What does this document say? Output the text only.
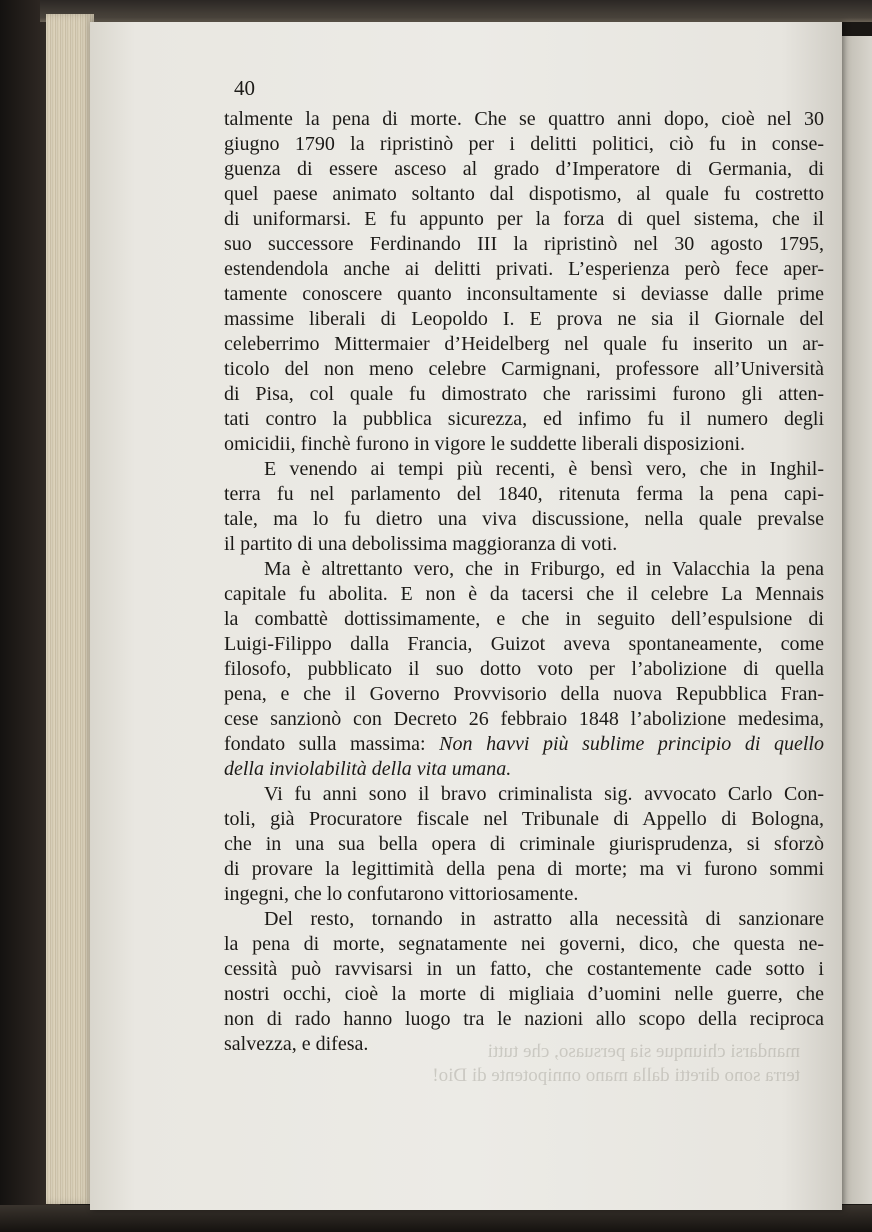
mandarsi chiunque sia persuaso, che tutti
terra sono diretti dalla mano onnipotente di Dio!
40
talmente la pena di morte. Che se quattro anni dopo, cioè nel 30
giugno 1790 la ripristinò per i delitti politici, ciò fu in conse-
guenza di essere asceso al grado d’Imperatore di Germania, di
quel paese animato soltanto dal dispotismo, al quale fu costretto
di uniformarsi. E fu appunto per la forza di quel sistema, che il
suo successore Ferdinando III la ripristinò nel 30 agosto 1795,
estendendola anche ai delitti privati. L’esperienza però fece aper-
tamente conoscere quanto inconsultamente si deviasse dalle prime
massime liberali di Leopoldo I. E prova ne sia il Giornale del
celeberrimo Mittermaier d’Heidelberg nel quale fu inserito un ar-
ticolo del non meno celebre Carmignani, professore all’Università
di Pisa, col quale fu dimostrato che rarissimi furono gli atten-
tati contro la pubblica sicurezza, ed infimo fu il numero degli
omicidii, finchè furono in vigore le suddette liberali disposizioni.
E venendo ai tempi più recenti, è bensì vero, che in Inghil-
terra fu nel parlamento del 1840, ritenuta ferma la pena capi-
tale, ma lo fu dietro una viva discussione, nella quale prevalse
il partito di una debolissima maggioranza di voti.
Ma è altrettanto vero, che in Friburgo, ed in Valacchia la pena
capitale fu abolita. E non è da tacersi che il celebre La Mennais
la combattè dottissimamente, e che in seguito dell’espulsione di
Luigi-Filippo dalla Francia, Guizot aveva spontaneamente, come
filosofo, pubblicato il suo dotto voto per l’abolizione di quella
pena, e che il Governo Provvisorio della nuova Repubblica Fran-
cese sanzionò con Decreto 26 febbraio 1848 l’abolizione medesima,
fondato sulla massima: Non havvi più sublime principio di quello
della inviolabilità della vita umana.
Vi fu anni sono il bravo criminalista sig. avvocato Carlo Con-
toli, già Procuratore fiscale nel Tribunale di Appello di Bologna,
che in una sua bella opera di criminale giurisprudenza, si sforzò
di provare la legittimità della pena di morte; ma vi furono sommi
ingegni, che lo confutarono vittoriosamente.
Del resto, tornando in astratto alla necessità di sanzionare
la pena di morte, segnatamente nei governi, dico, che questa ne-
cessità può ravvisarsi in un fatto, che costantemente cade sotto i
nostri occhi, cioè la morte di migliaia d’uomini nelle guerre, che
non di rado hanno luogo tra le nazioni allo scopo della reciproca
salvezza, e difesa.
